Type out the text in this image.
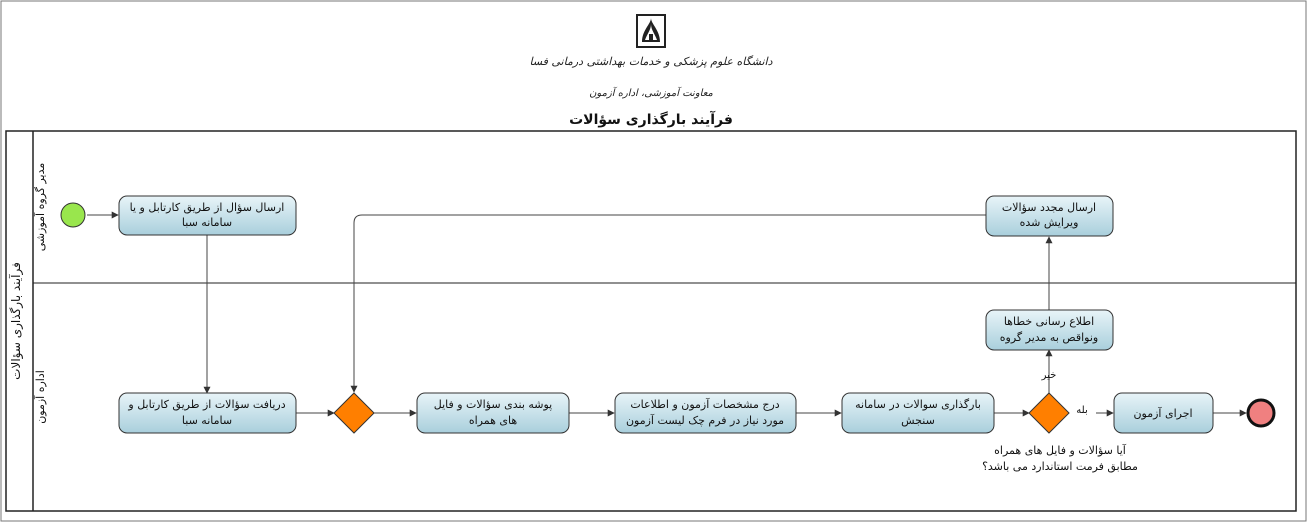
دانشگاه علوم پزشکی و خدمات بهداشتی درمانی فسا
معاونت آموزشی، اداره آزمون
فرآیند بارگذاری سؤالات
فرآیند بارگذاری سؤالات
مدیر گروه آموزشی
اداره آزمون
ارسال سؤال از طریق کارتابل و یا
سامانه سبا
ارسال مجدد سؤالات
ویرایش شده
اطلاع رسانی خطاها
ونواقص به مدیر گروه
دریافت سؤالات از طریق کارتابل و
سامانه سبا
پوشه بندی سؤالات و فایل
های همراه
درج مشخصات آزمون و اطلاعات
مورد نیاز در فرم چک لیست آزمون
بارگذاری سوالات در سامانه
سنجش
اجرای آزمون
بله
خیر
آیا سؤالات و فایل های همراه
مطابق فرمت استاندارد می باشد؟
